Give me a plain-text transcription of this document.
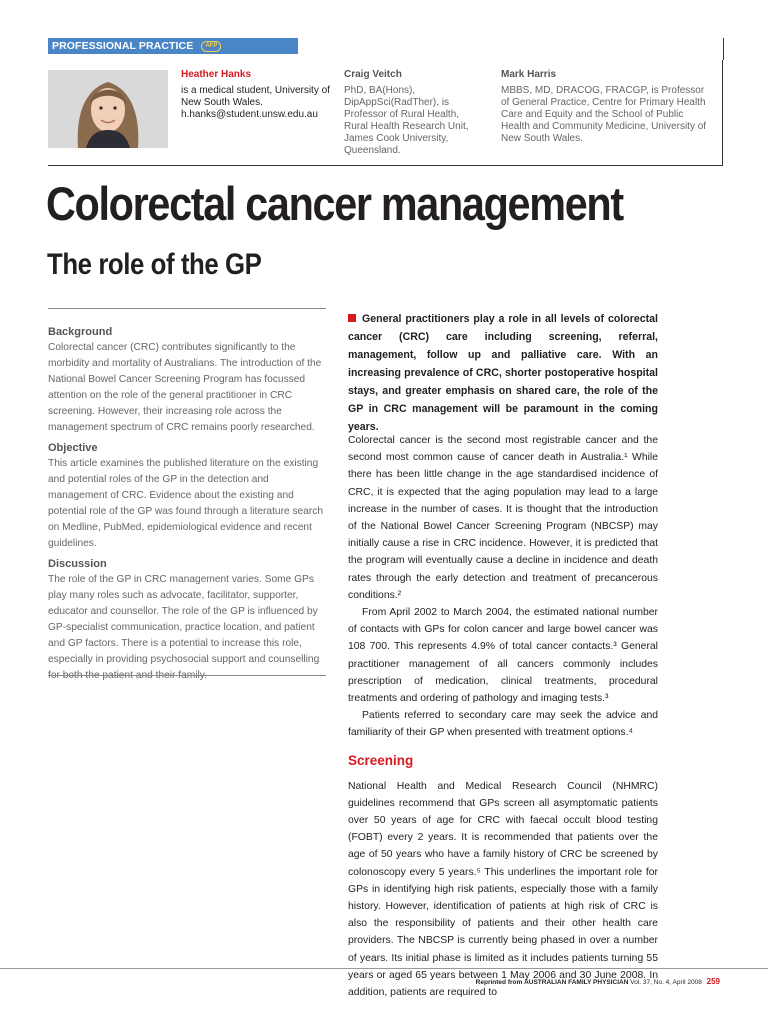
PROFESSIONAL PRACTICE	AFP
Heather Hanks
is a medical student, University of New South Wales. h.hanks@student.unsw.edu.au
Craig Veitch
PhD, BA(Hons), DipAppSci(RadTher), is Professor of Rural Health, Rural Health Research Unit, James Cook University, Queensland.
Mark Harris
MBBS, MD, DRACOG, FRACGP, is Professor of General Practice, Centre for Primary Health Care and Equity and the School of Public Health and Community Medicine, University of New South Wales.
Colorectal cancer management
The role of the GP
Background

Colorectal cancer (CRC) contributes significantly to the morbidity and mortality of Australians. The introduction of the National Bowel Cancer Screening Program has focussed attention on the role of the general practitioner in CRC screening. However, their increasing role across the management spectrum of CRC remains poorly researched.

Objective

This article examines the published literature on the existing and potential roles of the GP in the detection and management of CRC. Evidence about the existing and potential role of the GP was found through a literature search on Medline, PubMed, epidemiological evidence and recent guidelines.

Discussion

The role of the GP in CRC management varies. Some GPs play many roles such as advocate, facilitator, supporter, educator and counsellor. The role of the GP is influenced by GP-specialist communication, practice location, and patient and GP factors. There is a potential to increase this role, especially in providing psychosocial support and counselling

General practitioners play a role in all levels of colorectal cancer (CRC) care including screening, referral, management, follow up and palliative care. With an increasing prevalence of CRC, shorter postoperative hospital stays, and greater emphasis on shared care, the role of the GP in CRC management will be paramount in the coming years.

Colorectal cancer is the second most registrable cancer and the second most common cause of cancer death in Australia.¹ While there has been little change in the age standardised incidence of CRC, it is expected that the aging population may lead to a large increase in the number of cases. It is thought that the introduction of the National Bowel Cancer Screening Program (NBCSP) may initially cause a rise in CRC incidence. However, it is predicted that the program will eventually cause a decline in incidence and death rates through the early detection and treatment of precancerous conditions.²

From April 2002 to March 2004, the estimated national number of contacts with GPs for colon cancer and large bowel cancer was 108 700. This represents 4.9% of total cancer contacts.³ General practitioner management of all cancers commonly includes prescription of medication, clinical treatments, procedural treatments and ordering of pathology and imaging tests.³

Patients referred to secondary care may seek the advice and familiarity of their GP when presented with treatment options.⁴

Screening

National Health and Medical Research Council (NHMRC) guidelines recommend that GPs screen all asymptomatic patients over 50 years of age for CRC with faecal occult blood testing (FOBT) every 2 years. It is recommended that patients over the age of 50 years who have a family history of CRC be screened by colonoscopy every 5 years.⁵ This underlines the important role for GPs in identifying high risk patients, especially those with a family history. However, identification of patients at high risk of CRC is also the responsibility of patients and their other health care providers. The NBCSP is currently being phased in over a number of years. Its initial phase is limited as it includes patients turning 55 years or aged 65 years between 1 May 2006 and 30 June 2008. In addition, patients are required to

Reprinted from AUSTRALIAN FAMILY PHYSICIAN Vol. 37, No. 4, April 2008 259
